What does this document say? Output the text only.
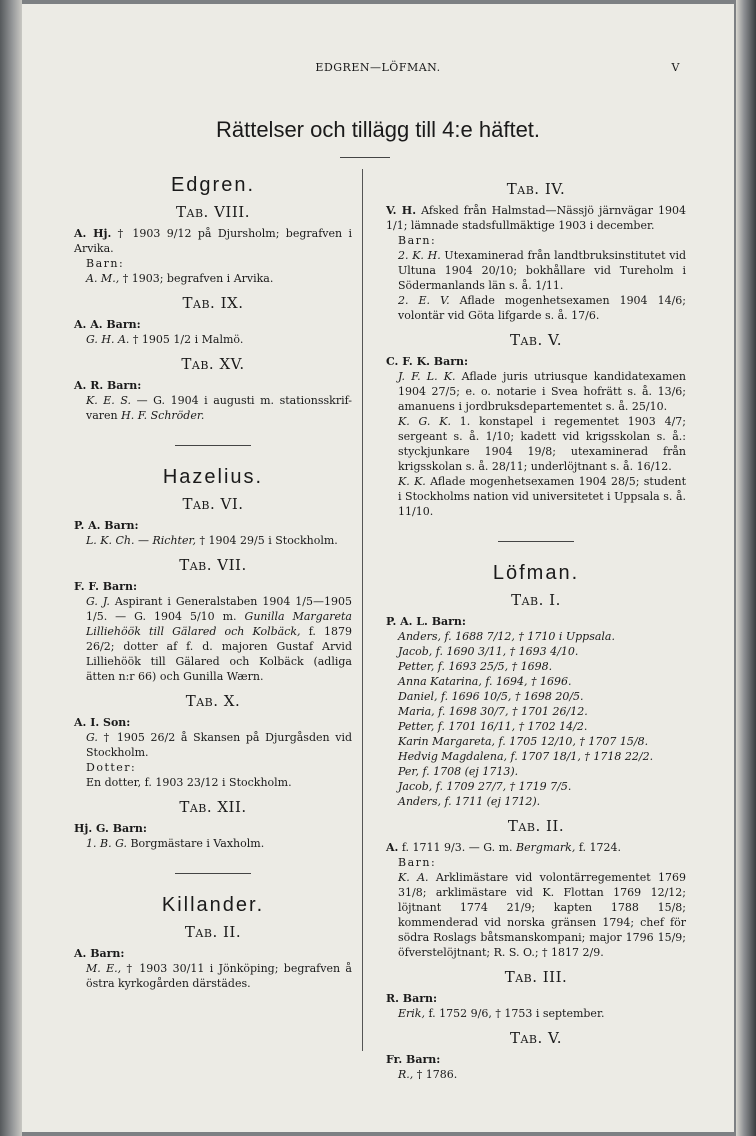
EDGREN—LÖFMAN.	V
Rättelser och tillägg till 4:e häftet.
Edgren.
Tab. VIII.

A. Hj. † 1903 9/12 på Djursholm; begrafven i Arvika.

Barn:

A. M., † 1903; begrafven i Arvika.

Tab. IX.

A. A. Barn:

G. H. A. † 1905 1/2 i Malmö.

Tab. XV.

A. R. Barn:

K. E. S. — G. 1904 i augusti m. stationsskrif-varen H. F. Schröder.

Hazelius.
Tab. VI.

P. A. Barn:

L. K. Ch. — Richter, † 1904 29/5 i Stockholm.

Tab. VII.

F. F. Barn:

G. J. Aspirant i Generalstaben 1904 1/5—1905 1/5. — G. 1904 5/10 m. Gunilla Margareta Lilliehöök till Gälared och Kolbäck, f. 1879 26/2; dotter af f. d. majoren Gustaf Arvid Lilliehöök till Gälared och Kolbäck (adliga ätten n:r 66) och Gunilla Wærn.

Tab. X.

A. I. Son:

G. † 1905 26/2 å Skansen på Djurgåsden vid Stockholm.

Dotter:

En dotter, f. 1903 23/12 i Stockholm.

Tab. XII.

Hj. G. Barn:

1. B. G. Borgmästare i Vaxholm.

Killander.
Tab. II.

A. Barn:

M. E., † 1903 30/11 i Jönköping; begrafven å östra kyrkogården därstädes.

Tab. IV.

V. H. Afsked från Halmstad—Nässjö järnvägar 1904 1/1; lämnade stadsfullmäktige 1903 i december.

Barn:

2. K. H. Utexaminerad från landtbruksinstitutet vid Ultuna 1904 20/10; bokhållare vid Tureholm i Södermanlands län s. å. 1/11.

2. E. V. Aflade mogenhetsexamen 1904 14/6; volontär vid Göta lifgarde s. å. 17/6.

Tab. V.

C. F. K. Barn:

J. F. L. K. Aflade juris utriusque kandidatexamen 1904 27/5; e. o. notarie i Svea hofrätt s. å. 13/6; amanuens i jordbruksdepartementet s. å. 25/10.

K. G. K. 1. konstapel i regementet 1903 4/7; sergeant s. å. 1/10; kadett vid krigsskolan s. å.: styckjunkare 1904 19/8; utexaminerad från krigsskolan s. å. 28/11; underlöjtnant s. å. 16/12.

K. K. Aflade mogenhetsexamen 1904 28/5; student i Stockholms nation vid universitetet i Uppsala s. å. 11/10.

Löfman.
Tab. I.

P. A. L. Barn:

Anders, f. 1688 7/12, † 1710 i Uppsala.

Jacob, f. 1690 3/11, † 1693 4/10.

Petter, f. 1693 25/5, † 1698.

Anna Katarina, f. 1694, † 1696.

Daniel, f. 1696 10/5, † 1698 20/5.

Maria, f. 1698 30/7, † 1701 26/12.

Petter, f. 1701 16/11, † 1702 14/2.

Karin Margareta, f. 1705 12/10, † 1707 15/8.

Hedvig Magdalena, f. 1707 18/1, † 1718 22/2.

Per, f. 1708 (ej 1713).

Jacob, f. 1709 27/7, † 1719 7/5.

Anders, f. 1711 (ej 1712).

Tab. II.

A. f. 1711 9/3. — G. m. Bergmark, f. 1724.

Barn:

K. A. Arklimästare vid volontärregementet 1769 31/8; arklimästare vid K. Flottan 1769 12/12; löjtnant 1774 21/9; kapten 1788 15/8; kommenderad vid norska gränsen 1794; chef för södra Roslags båtsmanskompani; major 1796 15/9; öfverstelöjtnant; R. S. O.; † 1817 2/9.

Tab. III.

R. Barn:

Erik, f. 1752 9/6, † 1753 i september.

Tab. V.

Fr. Barn:

R., † 1786.
